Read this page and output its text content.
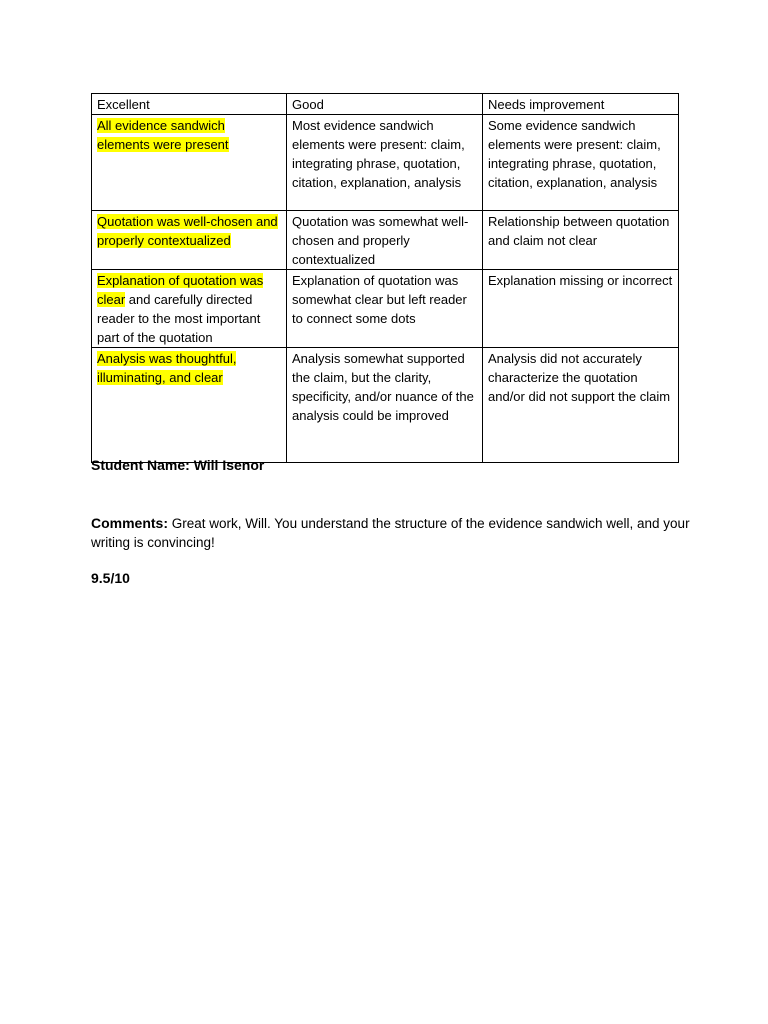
Excellent	Good	Needs improvement
All evidence sandwich elements were present	Most evidence sandwich elements were present: claim, integrating phrase, quotation, citation, explanation, analysis	Some evidence sandwich elements were present: claim, integrating phrase, quotation, citation, explanation, analysis
Quotation was well-chosen and properly contextualized	Quotation was somewhat well-chosen and properly contextualized	Relationship between quotation and claim not clear
Explanation of quotation was clear and carefully directed reader to the most important part of the quotation	Explanation of quotation was somewhat clear but left reader to connect some dots	Explanation missing or incorrect
Analysis was thoughtful, illuminating, and clear	Analysis somewhat supported the claim, but the clarity, specificity, and/or nuance of the analysis could be improved	Analysis did not accurately characterize the quotation and/or did not support the claim
Student Name: Will Isenor
Comments: Great work, Will. You understand the structure of the evidence sandwich well, and your writing is convincing!
9.5/10
